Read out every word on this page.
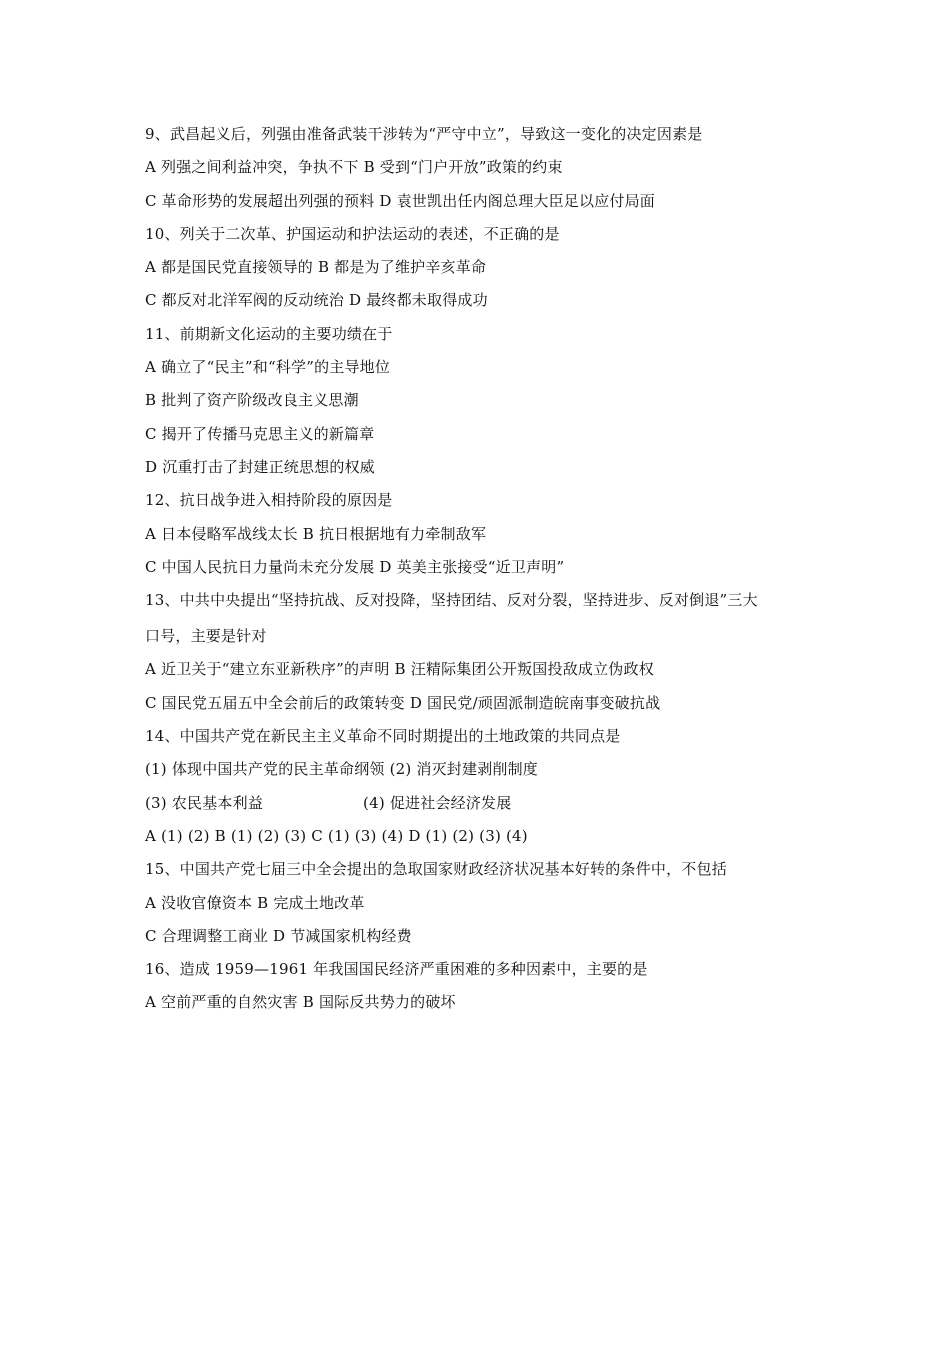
9、武昌起义后，列强由准备武装干涉转为“严守中立”，导致这一变化的决定因素是
A 列强之间利益冲突，争执不下 B 受到“门户开放”政策的约束
C 革命形势的发展超出列强的预料 D 袁世凯出任内阁总理大臣足以应付局面
10、列关于二次革、护国运动和护法运动的表述，不正确的是
A 都是国民党直接领导的 B 都是为了维护辛亥革命
C 都反对北洋军阀的反动统治 D 最终都未取得成功
11、前期新文化运动的主要功绩在于
A 确立了“民主”和“科学”的主导地位
B 批判了资产阶级改良主义思潮
C 揭开了传播马克思主义的新篇章
D 沉重打击了封建正统思想的权威
12、抗日战争进入相持阶段的原因是
A 日本侵略军战线太长 B 抗日根据地有力牵制敌军
C 中国人民抗日力量尚未充分发展 D 英美主张接受“近卫声明”
13、中共中央提出“坚持抗战、反对投降，坚持团结、反对分裂，坚持进步、反对倒退”三大
口号，主要是针对
A 近卫关于“建立东亚新秩序”的声明 B 汪精际集团公开叛国投敌成立伪政权
C 国民党五届五中全会前后的政策转变 D 国民党/顽固派制造皖南事变破抗战
14、中国共产党在新民主主义革命不同时期提出的土地政策的共同点是
(1) 体现中国共产党的民主革命纲领 (2) 消灭封建剥削制度
(3) 农民基本利益	(4) 促进社会经济发展
A (1) (2) B (1) (2) (3) C (1) (3) (4) D (1) (2) (3) (4)
15、中国共产党七届三中全会提出的急取国家财政经济状况基本好转的条件中，不包括
A 没收官僚资本 B 完成土地改革
C 合理调整工商业 D 节减国家机构经费
16、造成 1959—1961 年我国国民经济严重困难的多种因素中，主要的是
A 空前严重的自然灾害 B 国际反共势力的破坏
